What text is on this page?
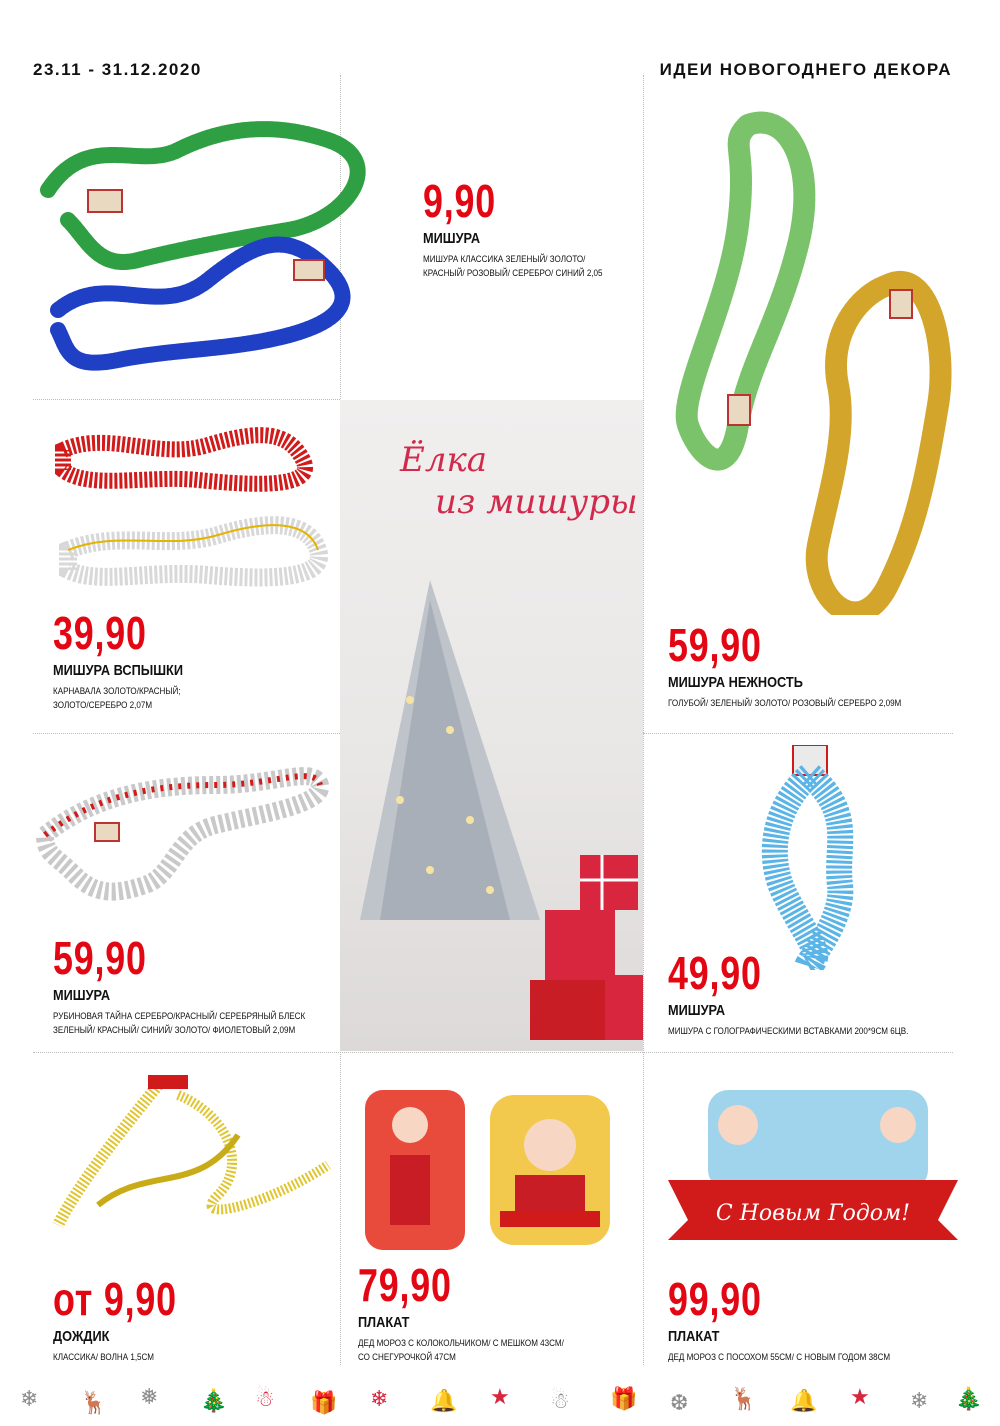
23.11 - 31.12.2020	ИДЕИ НОВОГОДНЕГО ДЕКОРА
С Новым Годом!
Ёлка
из мишуры
9,90
МИШУРА
МИШУРА КЛАССИКА ЗЕЛЕНЫЙ/ ЗОЛОТО/
КРАСНЫЙ/ РОЗОВЫЙ/ СЕРЕБРО/ СИНИЙ 2,05
39,90
МИШУРА ВСПЫШКИ
КАРНАВАЛА ЗОЛОТО/КРАСНЫЙ;
ЗОЛОТО/СЕРЕБРО 2,07М
59,90
МИШУРА НЕЖНОСТЬ
ГОЛУБОЙ/ ЗЕЛЕНЫЙ/ ЗОЛОТО/ РОЗОВЫЙ/ СЕРЕБРО 2,09М
59,90
МИШУРА
РУБИНОВАЯ ТАЙНА СЕРЕБРО/КРАСНЫЙ/ СЕРЕБРЯНЫЙ БЛЕСК
ЗЕЛЕНЫЙ/ КРАСНЫЙ/ СИНИЙ/ ЗОЛОТО/ ФИОЛЕТОВЫЙ 2,09М
49,90
МИШУРА
МИШУРА С ГОЛОГРАФИЧЕСКИМИ ВСТАВКАМИ 200*9СМ 6ЦВ.
от 9,90
ДОЖДИК
КЛАССИКА/ ВОЛНА 1,5СМ
79,90
ПЛАКАТ
ДЕД МОРОЗ С КОЛОКОЛЬЧИКОМ/ С МЕШКОМ 43СМ/
СО СНЕГУРОЧКОЙ 47СМ
99,90
ПЛАКАТ
ДЕД МОРОЗ С ПОСОХОМ 55СМ/ С НОВЫМ ГОДОМ 38СМ
❄ 🦌 ❅ 🎄 ☃ 🎁 ❄ 🔔 ★ ☃ 🎁 ❆ 🦌 🔔 ★ ❄ 🎄
